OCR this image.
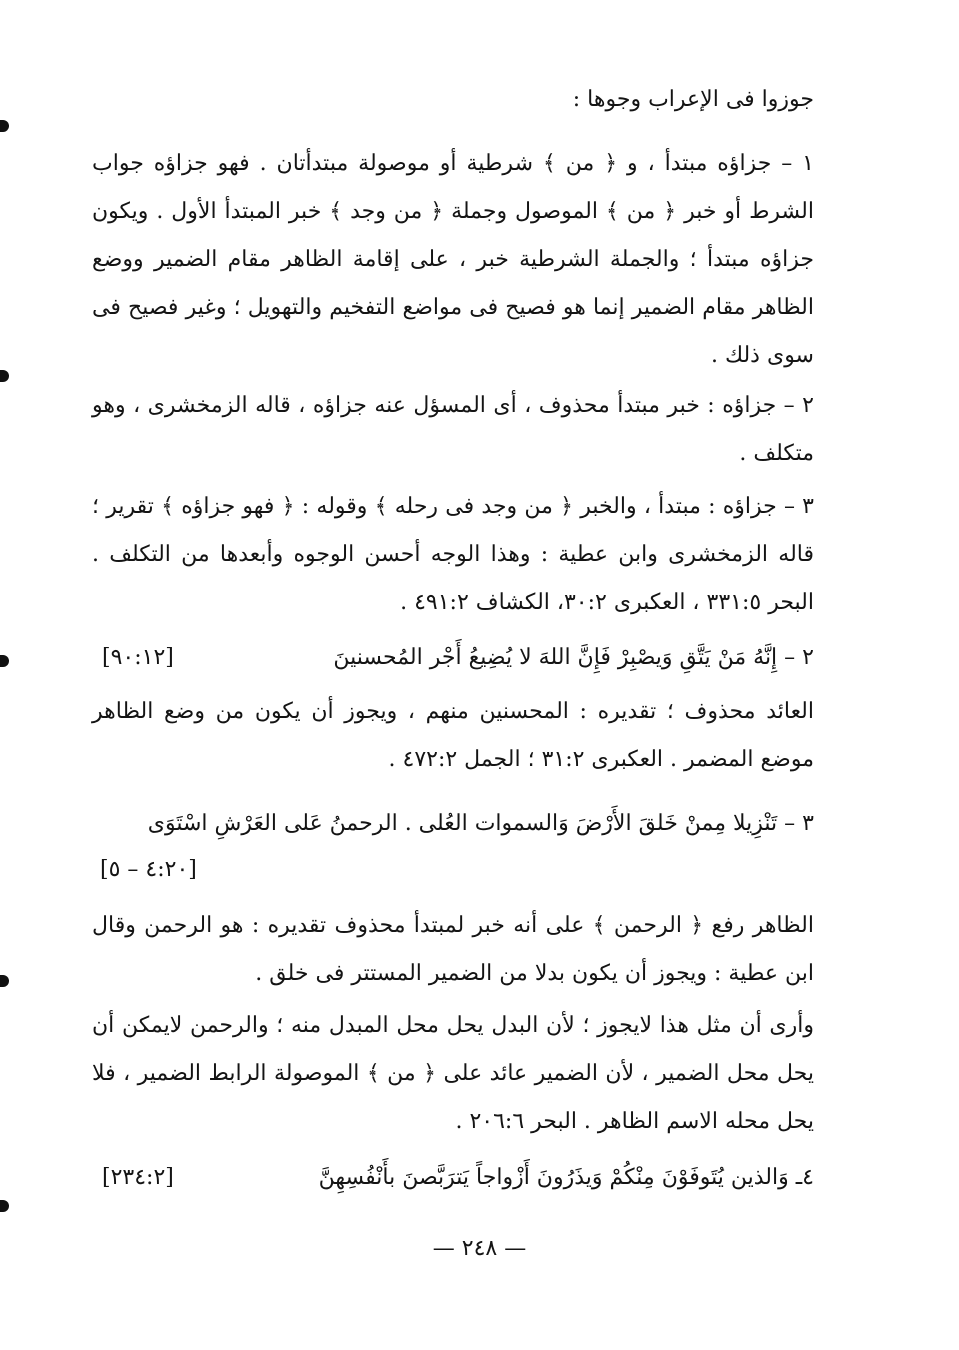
جوزوا فى الإعراب وجوها :
١ – جزاؤه مبتدأ ، و ﴿ من ﴾ شرطية أو موصولة مبتدأتان . فهو جزاؤه جواب الشرط أو خبر ﴿ من ﴾ الموصول وجملة ﴿ من وجد ﴾ خبر المبتدأ الأول . ويكون جزاؤه مبتدأ ؛ والجملة الشرطية خبر ، على إقامة الظاهر مقام الضمير ووضع الظاهر مقام الضمير إنما هو فصيح فى مواضع التفخيم والتهويل ؛ وغير فصيح فى سوى ذلك .
٢ – جزاؤه : خبر مبتدأ محذوف ، أى المسؤل عنه جزاؤه ، قاله الزمخشرى ، وهو متكلف .
٣ – جزاؤه : مبتدأ ، والخبر ﴿ من وجد فى رحله ﴾ وقوله : ﴿ فهو جزاؤه ﴾ تقرير ؛ قاله الزمخشرى وابن عطية : وهذا الوجه أحسن الوجوه وأبعدها من التكلف . البحر ٣٣١:٥ ، العكبرى ٣٠:٢، الكشاف ٤٩١:٢ .
٢ – إِنَّهُ مَنْ يَتَّقِ وَيصْبِرْ فَإِنَّ اللهَ لا يُضِيعُ أَجْر المُحسنينَ
[٩٠:١٢]
العائد محذوف ؛ تقديره : المحسنين منهم ، ويجوز أن يكون من وضع الظاهر موضع المضمر . العكبرى ٣١:٢ ؛ الجمل ٤٧٢:٢ .
٣ – تَنْزِيلا مِمنْ خَلقَ الأَرْضَ وَالسموات العُلى . الرحمنُ عَلى العَرْشِ اسْتَوَى
[٤:٢٠ – ٥]
الظاهر رفع ﴿ الرحمن ﴾ على أنه خبر لمبتدأ محذوف تقديره : هو الرحمن وقال ابن عطية : ويجوز أن يكون بدلا من الضمير المستتر فى خلق .
وأرى أن مثل هذا لايجوز ؛ لأن البدل يحل محل المبدل منه ؛ والرحمن لايمكن أن يحل محل الضمير ، لأن الضمير عائد على ﴿ من ﴾ الموصولة الرابط الضمير ، فلا يحل محله الاسم الظاهر . البحر ٢٠٦:٦ .
٤ـ وَالذين يُتَوفَوْنَ مِنْكُمْ وَيذَرُونَ أَزْواجاً يَترَبَّصنَ بأَنْفُسِهِنَّ
[٢٣٤:٢]
— ٢٤٨ —
